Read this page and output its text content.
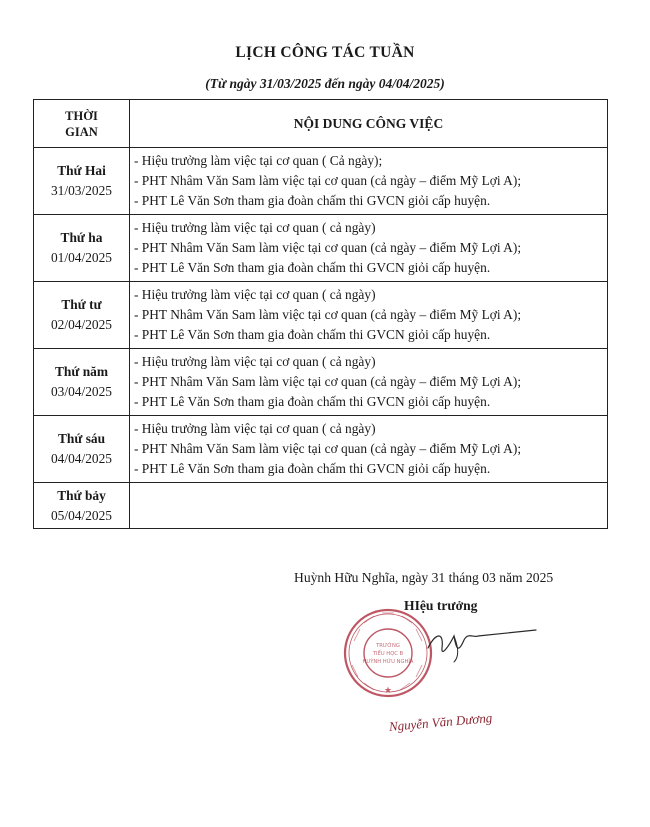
LỊCH CÔNG TÁC TUẦN
(Từ ngày 31/03/2025 đến ngày 04/04/2025)
THỜI
GIAN	NỘI DUNG CÔNG VIỆC

Thứ Hai
31/03/2025	- Hiệu trưởng làm việc tại cơ quan ( Cả ngày);
- PHT Nhâm Văn Sam làm việc tại cơ quan (cả ngày – điểm Mỹ Lợi A);
- PHT Lê Văn Sơn tham gia đoàn chấm thi GVCN giỏi cấp huyện.

Thứ ha
01/04/2025	- Hiệu trưởng làm việc tại cơ quan ( cả ngày)
- PHT Nhâm Văn Sam làm việc tại cơ quan (cả ngày – điểm Mỹ Lợi A);
- PHT Lê Văn Sơn tham gia đoàn chấm thi GVCN giỏi cấp huyện.

Thứ tư
02/04/2025	- Hiệu trưởng làm việc tại cơ quan ( cả ngày)
- PHT Nhâm Văn Sam làm việc tại cơ quan (cả ngày – điểm Mỹ Lợi A);
- PHT Lê Văn Sơn tham gia đoàn chấm thi GVCN giỏi cấp huyện.

Thứ năm
03/04/2025	- Hiệu trưởng làm việc tại cơ quan ( cả ngày)
- PHT Nhâm Văn Sam làm việc tại cơ quan (cả ngày – điểm Mỹ Lợi A);
- PHT Lê Văn Sơn tham gia đoàn chấm thi GVCN giỏi cấp huyện.

Thứ sáu
04/04/2025	- Hiệu trưởng làm việc tại cơ quan ( cả ngày)
- PHT Nhâm Văn Sam làm việc tại cơ quan (cả ngày – điểm Mỹ Lợi A);
- PHT Lê Văn Sơn tham gia đoàn chấm thi GVCN giỏi cấp huyện.

Thứ bảy
05/04/2025	

Huỳnh Hữu Nghĩa, ngày 31 tháng 03 năm 2025
HIệu trưởng
TRƯỜNG
TIỂU HỌC B
HUỲNH HỮU NGHĨA
★
Nguyễn Văn Dương
